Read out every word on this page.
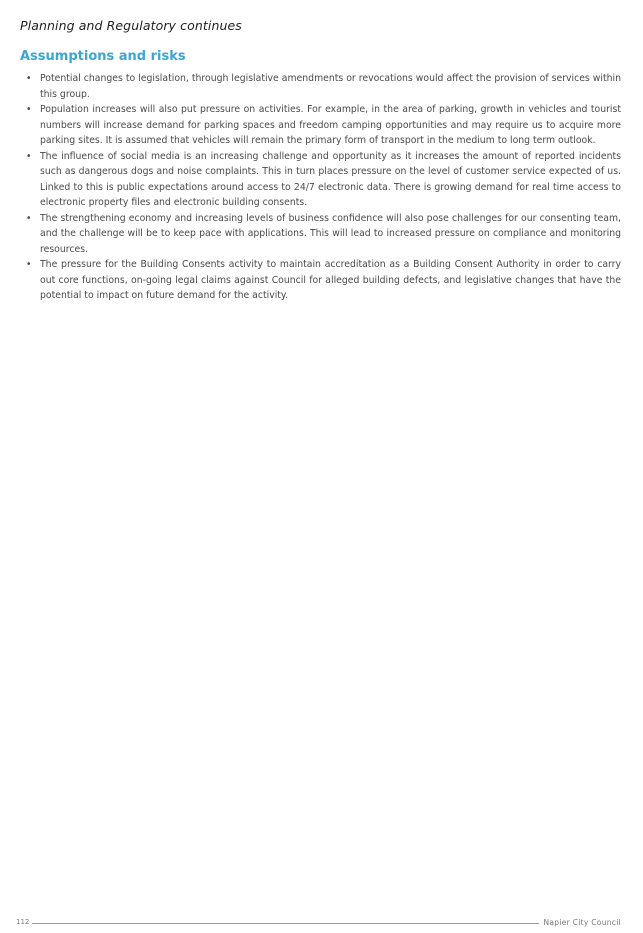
Planning and Regulatory continues
Assumptions and risks
• Potential changes to legislation, through legislative amendments or revocations would affect the provision of services within this group.
• Population increases will also put pressure on activities. For example, in the area of parking, growth in vehicles and tourist numbers will increase demand for parking spaces and freedom camping opportunities and may require us to acquire more parking sites. It is assumed that vehicles will remain the primary form of transport in the medium to long term outlook.
• The influence of social media is an increasing challenge and opportunity as it increases the amount of reported incidents such as dangerous dogs and noise complaints. This in turn places pressure on the level of customer service expected of us. Linked to this is public expectations around access to 24/7 electronic data. There is growing demand for real time access to electronic property files and electronic building consents.
• The strengthening economy and increasing levels of business confidence will also pose challenges for our consenting team, and the challenge will be to keep pace with applications. This will lead to increased pressure on compliance and monitoring resources.
• The pressure for the Building Consents activity to maintain accreditation as a Building Consent Authority in order to carry out core functions, on-going legal claims against Council for alleged building defects, and legislative changes that have the potential to impact on future demand for the activity.
112	Napier City Council
